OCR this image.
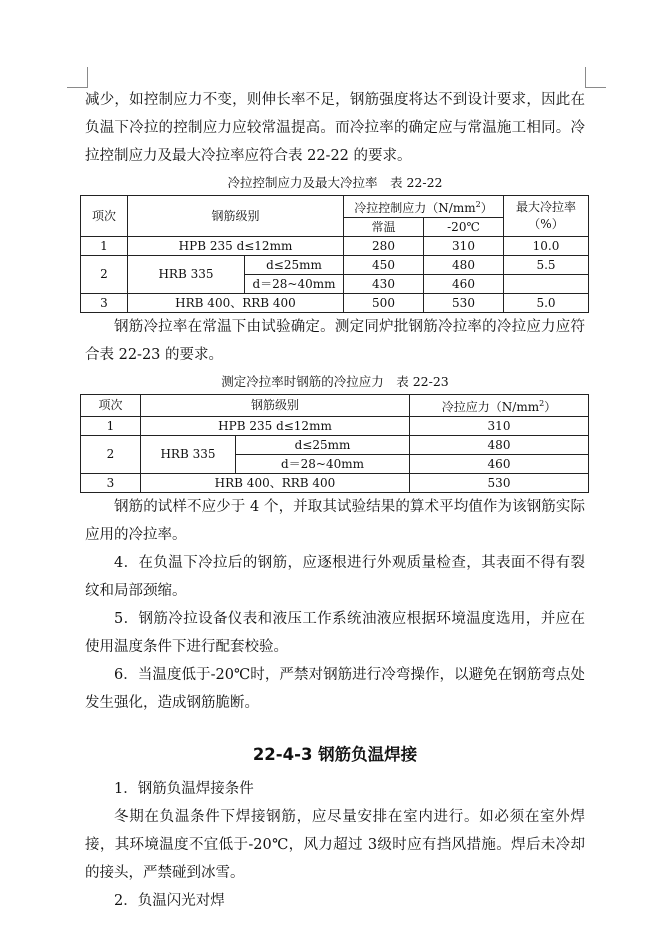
减少，如控制应力不变，则伸长率不足，钢筋强度将达不到设计要求，因此在负温下冷拉的控制应力应较常温提高。而冷拉率的确定应与常温施工相同。冷拉控制应力及最大冷拉率应符合表 22-22 的要求。

冷拉控制应力及最大冷拉率　表 22-22
项次	钢筋级别		冷拉控制应力$(N/mm^2)$		最大冷拉率
（%）
			常温	-20℃	
1	HPB 235 d≤12mm		280	310	10.0
2	HRB 335	d≤25mm	450	480	5.5
		d＝28~40mm	430	460	
3	HRB 400、RRB 400		500	530	5.0

钢筋冷拉率在常温下由试验确定。测定同炉批钢筋冷拉率的冷拉应力应符合表 22-23 的要求。

测定冷拉率时钢筋的冷拉应力　表 22-23
项次	钢筋级别		冷拉应力$(N/mm^2)$
1	HPB 235 d≤12mm		310
2	HRB 335	d≤25mm	480
		d＝28~40mm	460
3	HRB 400、RRB 400		530

钢筋的试样不应少于 4 个，并取其试验结果的算术平均值作为该钢筋实际应用的冷拉率。

4．在负温下冷拉后的钢筋，应逐根进行外观质量检查，其表面不得有裂纹和局部颈缩。

5．钢筋冷拉设备仪表和液压工作系统油液应根据环境温度选用，并应在使用温度条件下进行配套校验。

6．当温度低于-20℃时，严禁对钢筋进行冷弯操作，以避免在钢筋弯点处发生强化，造成钢筋脆断。

22-4-3 钢筋负温焊接

1．钢筋负温焊接条件

冬期在负温条件下焊接钢筋，应尽量安排在室内进行。如必须在室外焊接，其环境温度不宜低于-20℃，风力超过 3级时应有挡风措施。焊后未冷却的接头，严禁碰到冰雪。

2．负温闪光对焊
